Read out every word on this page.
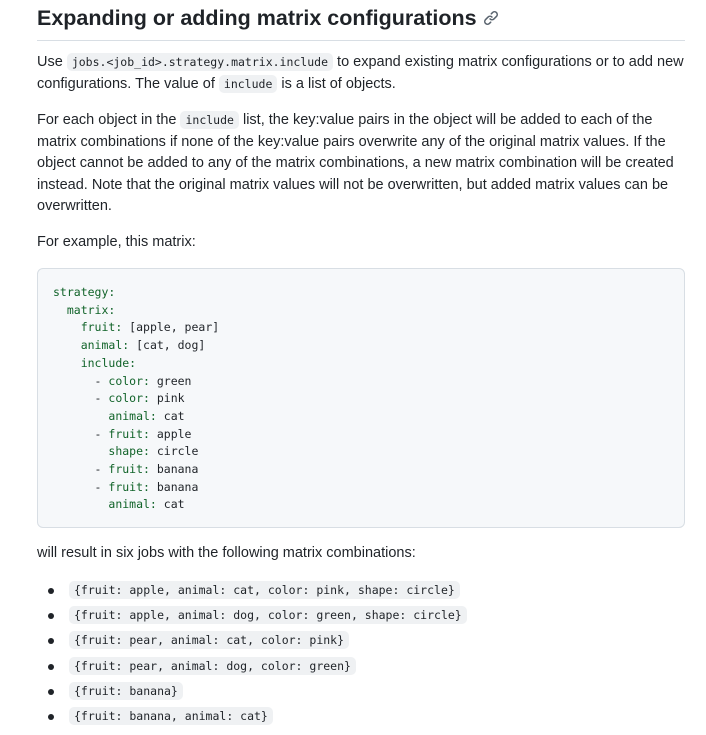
Expanding or adding matrix configurations

Use jobs.<job_id>.strategy.matrix.include to expand existing matrix configurations or to add new configurations. The value of include is a list of objects.

For each object in the include list, the key:value pairs in the object will be added to each of the matrix combinations if none of the key:value pairs overwrite any of the original matrix values. If the object cannot be added to any of the matrix combinations, a new matrix combination will be created instead. Note that the original matrix values will not be overwritten, but added matrix values can be overwritten.

For example, this matrix:

strategy:
matrix:
fruit: [apple, pear]
animal: [cat, dog]
include:
- color: green
- color: pink
animal: cat
- fruit: apple
shape: circle
- fruit: banana
- fruit: banana
animal: cat

will result in six jobs with the following matrix combinations:

{fruit: apple, animal: cat, color: pink, shape: circle}
{fruit: apple, animal: dog, color: green, shape: circle}
{fruit: pear, animal: cat, color: pink}
{fruit: pear, animal: dog, color: green}
{fruit: banana}
{fruit: banana, animal: cat}
